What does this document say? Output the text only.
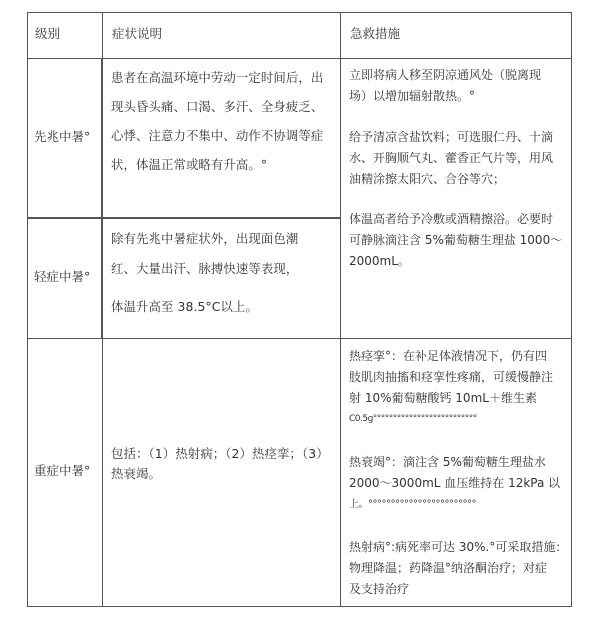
级别	症状说明	急救措施
先兆中暑°
轻症中暑°
重症中暑°

患者在高温环境中劳动一定时间后，出

现头昏头痛、口渴、多汗、全身疲乏、

心悸、注意力不集中、动作不协调等症

状，体温正常或略有升高。°

除有先兆中暑症状外，出现面色潮

红、大量出汗、脉搏快速等表现，

体温升高至 38.5°C以上。

包括：（1）热射病；（2）热痉挛；（3）

热衰竭。

立即将病人移至阴凉通风处（脱离现

场）以增加辐射散热。°

给予清凉含盐饮料；可选服仁丹、十滴

水、开胸顺气丸、藿香正气片等，用风

油精涂擦太阳穴、合谷等穴；

体温高者给予冷敷或酒精擦浴。必要时

可静脉滴注含 5%葡萄糖生理盐 1000～

2000mL。

热痉挛°：在补足体液情况下，仍有四

肢肌肉抽搐和痉挛性疼痛，可缓慢静注

射 10%葡萄糖酸钙 10mL＋维生素

C0.5g°°°°°°°°°°°°°°°°°°°°°°°°°°

热衰竭°：滴注含 5%葡萄糖生理盐水

2000～3000mL 血压维持在 12kPa 以

上。°°°°°°°°°°°°°°°°°°°°°°°°

热射病°:病死率可达 30%.°可采取措施：

物理降温；药降温°纳洛酮治疗；对症

及支持治疗
